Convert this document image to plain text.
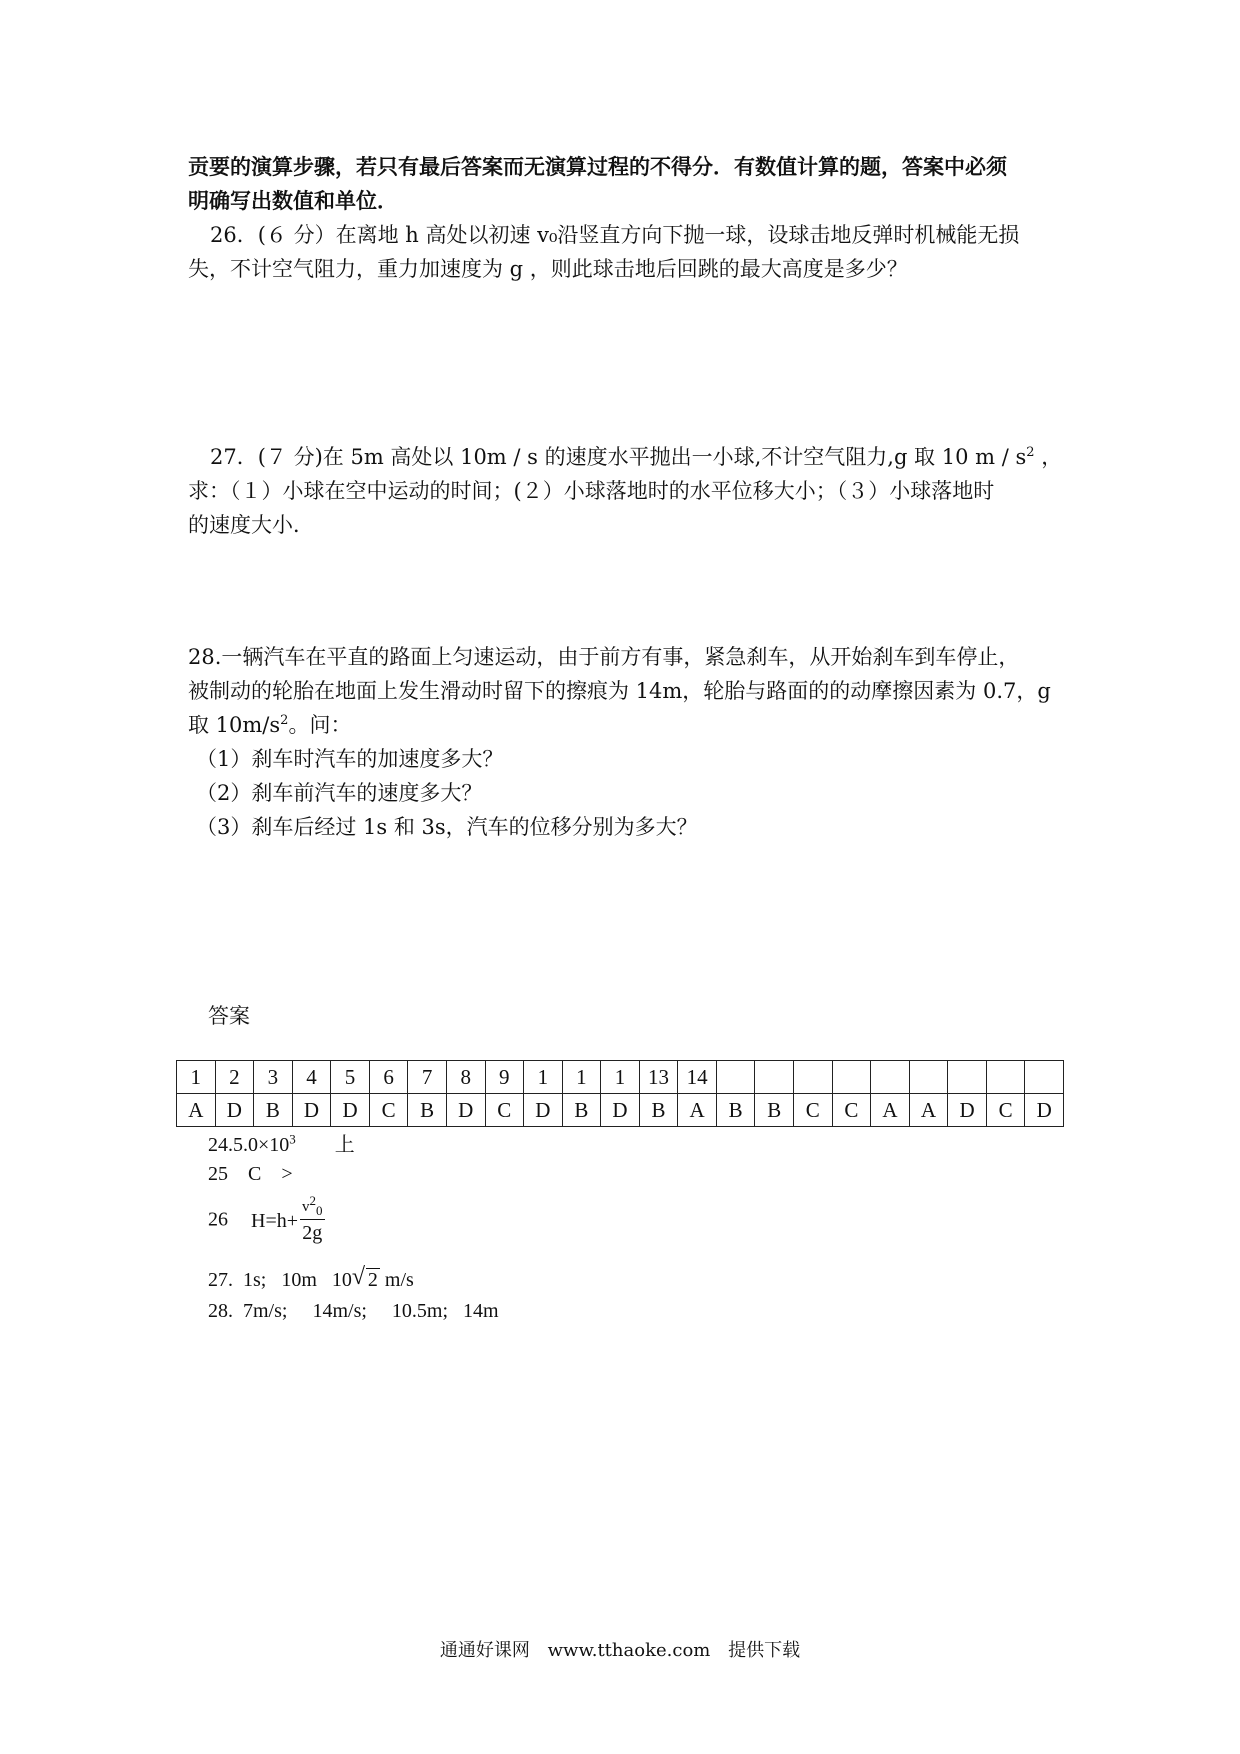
贡要的演算步骤，若只有最后答案而无演算过程的不得分．有数值计算的题，答案中必须
明确写出数值和单位．
26．(６ 分）在离地 h 高处以初速 v₀沿竖直方向下抛一球，设球击地反弹时机械能无损
失，不计空气阻力，重力加速度为 g ，则此球击地后回跳的最大高度是多少？
27．(７ 分)在 5m 高处以 10m / s 的速度水平抛出一小球,不计空气阻力,g 取 10 m / $s^2$ ，
求：（１）小球在空中运动的时间；(２）小球落地时的水平位移大小；（３）小球落地时
的速度大小．
28.一辆汽车在平直的路面上匀速运动，由于前方有事，紧急刹车，从开始刹车到车停止，
被制动的轮胎在地面上发生滑动时留下的擦痕为 14m，轮胎与路面的的动摩擦因素为 0.7，g
取 $10m/s^2$。问：
（1）刹车时汽车的加速度多大？
（2）刹车前汽车的速度多大？
（3）刹车后经过 1s 和 3s，汽车的位移分别为多大？
答案
1	2	3	4	5	6	7	8	9	1	1	1	13	14									
A	D	B	D	D	C	B	D	C	D	B	D	B	A	B	B	C	C	A	A	D	C	D
$24.5.0\times 10^3$ 上
25    C    >
26 $H=h+ \frac{v^2_0}{2g}$
27.  1s;   10m   10 √ 2 m/s
28.  7m/s;     14m/s;     10.5m;   14m
通通好课网 www.tthaoke.com 提供下载
